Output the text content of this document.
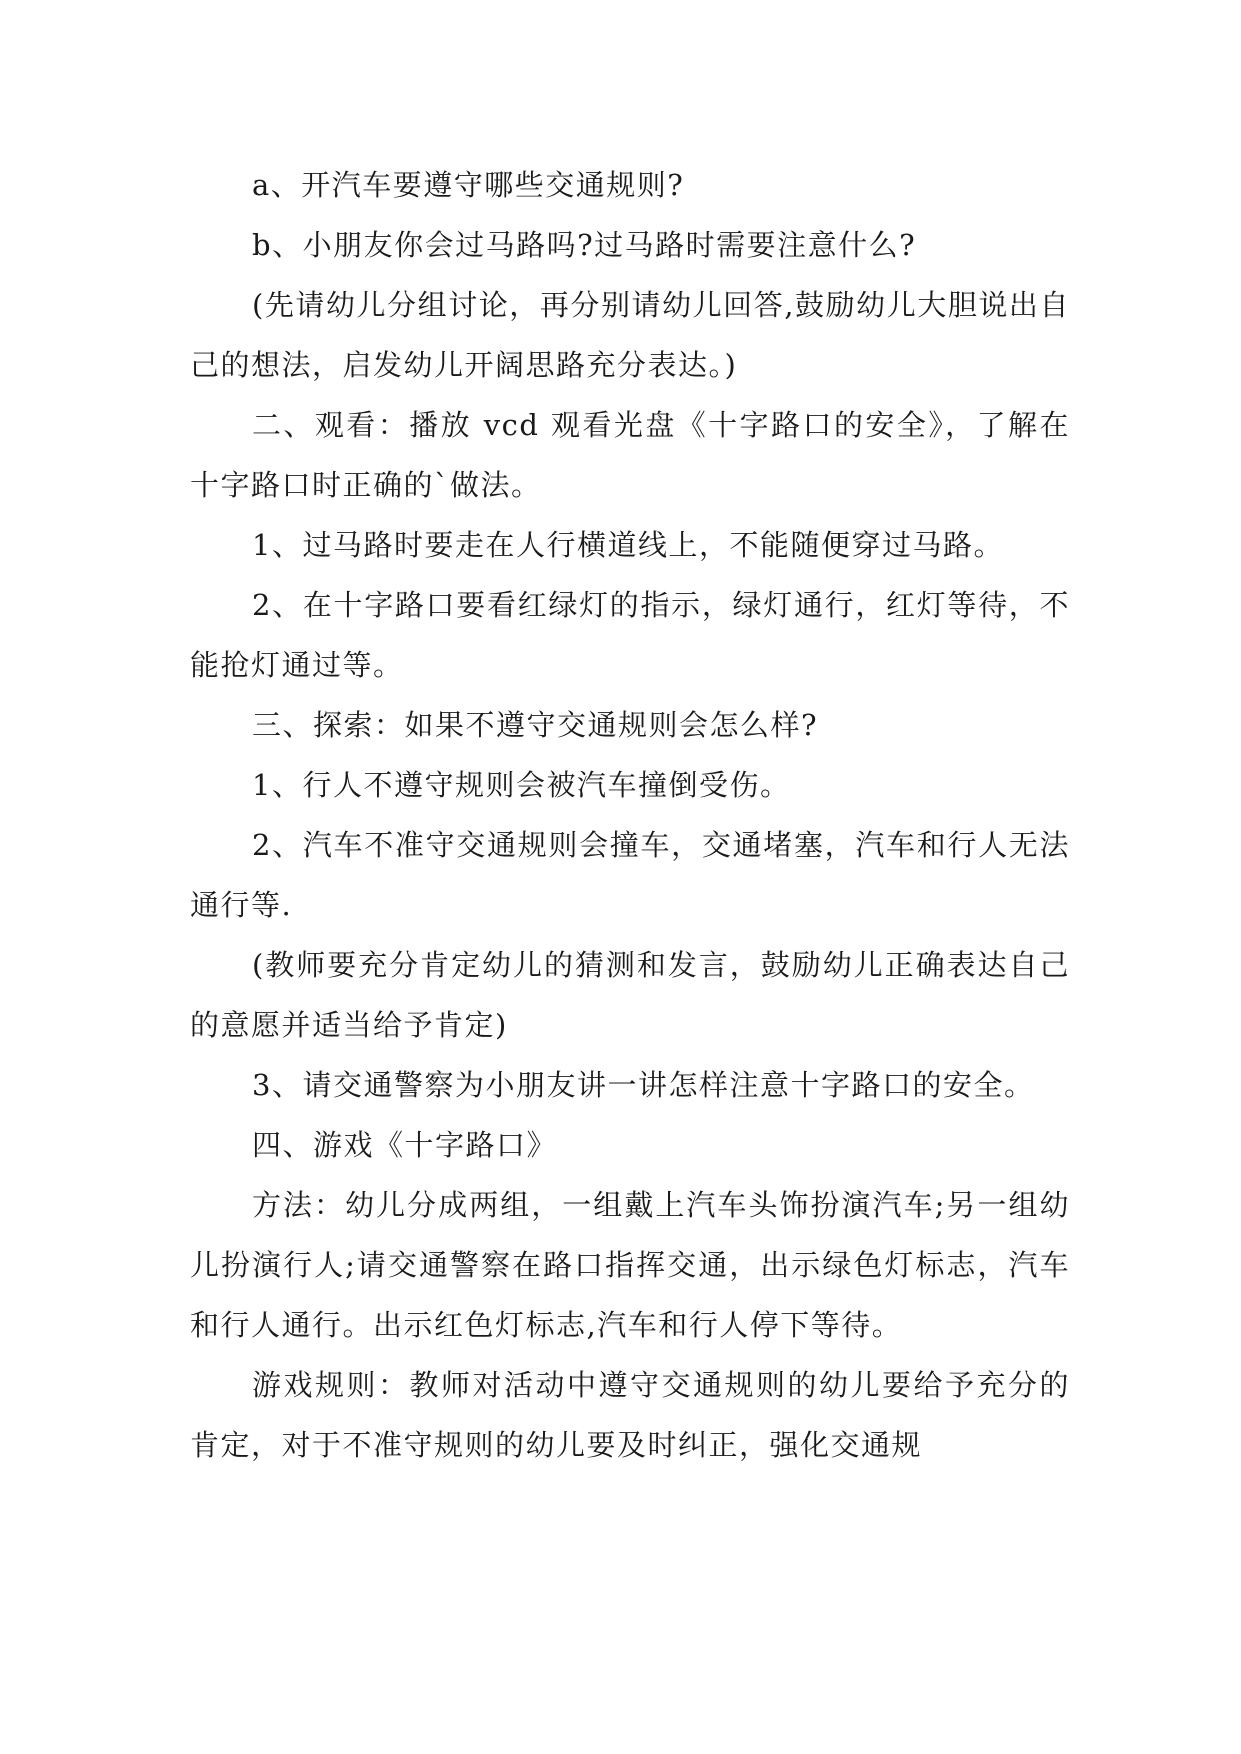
a、开汽车要遵守哪些交通规则?

b、小朋友你会过马路吗?过马路时需要注意什么?

(先请幼儿分组讨论，再分别请幼儿回答,鼓励幼儿大胆说出自己的想法，启发幼儿开阔思路充分表达。)

二、观看：播放 vcd 观看光盘《十字路口的安全》，了解在十字路口时正确的`做法。

1、过马路时要走在人行横道线上，不能随便穿过马路。

2、在十字路口要看红绿灯的指示，绿灯通行，红灯等待，不能抢灯通过等。

三、探索：如果不遵守交通规则会怎么样?

1、行人不遵守规则会被汽车撞倒受伤。

2、汽车不准守交通规则会撞车，交通堵塞，汽车和行人无法通行等.

(教师要充分肯定幼儿的猜测和发言，鼓励幼儿正确表达自己的意愿并适当给予肯定)

3、请交通警察为小朋友讲一讲怎样注意十字路口的安全。

四、游戏《十字路口》

方法：幼儿分成两组，一组戴上汽车头饰扮演汽车;另一组幼儿扮演行人;请交通警察在路口指挥交通，出示绿色灯标志，汽车和行人通行。出示红色灯标志,汽车和行人停下等待。

游戏规则：教师对活动中遵守交通规则的幼儿要给予充分的肯定，对于不准守规则的幼儿要及时纠正，强化交通规
